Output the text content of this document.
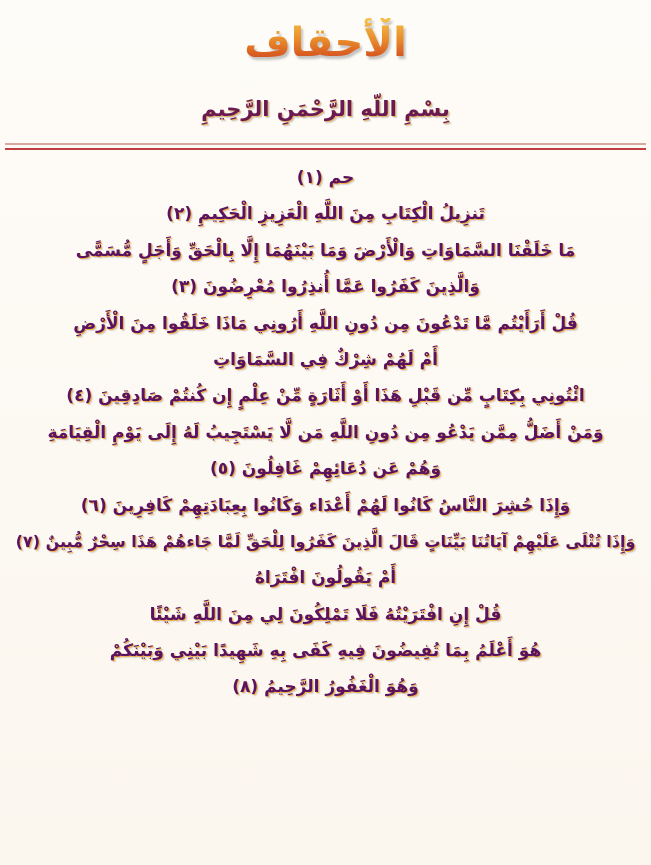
الْأحقاف
بِسْمِ اللّهِ الرَّحْمَنِ الرَّحِيمِ
حم (١)
تَنزِيلُ الْكِتَابِ مِنَ اللَّهِ الْعَزِيزِ الْحَكِيمِ (٢)
مَا خَلَقْنَا السَّمَاوَاتِ وَالْأَرْضَ وَمَا بَيْنَهُمَا إِلَّا بِالْحَقِّ وَأَجَلٍ مُّسَمًّى
وَالَّذِينَ كَفَرُوا عَمَّا أُنذِرُوا مُعْرِضُونَ (٣)
قُلْ أَرَأَيْتُم مَّا تَدْعُونَ مِن دُونِ اللَّهِ أَرُونِي مَاذَا خَلَقُوا مِنَ الْأَرْضِ
أَمْ لَهُمْ شِرْكٌ فِي السَّمَاوَاتِ
ائْتُونِي بِكِتَابٍ مِّن قَبْلِ هَذَا أَوْ أَثَارَةٍ مِّنْ عِلْمٍ إِن كُنتُمْ صَادِقِينَ (٤)
وَمَنْ أَضَلُّ مِمَّن يَدْعُو مِن دُونِ اللَّهِ مَن لَّا يَسْتَجِيبُ لَهُ إِلَى يَوْمِ الْقِيَامَةِ
وَهُمْ عَن دُعَائِهِمْ غَافِلُونَ (٥)
وَإِذَا حُشِرَ النَّاسُ كَانُوا لَهُمْ أَعْدَاء وَكَانُوا بِعِبَادَتِهِمْ كَافِرِينَ (٦)
وَإِذَا تُتْلَى عَلَيْهِمْ آيَاتُنَا بَيِّنَاتٍ قَالَ الَّذِينَ كَفَرُوا لِلْحَقِّ لَمَّا جَاءهُمْ هَذَا سِحْرٌ مُّبِينٌ (٧)
أَمْ يَقُولُونَ افْتَرَاهُ
قُلْ إِنِ افْتَرَيْتُهُ فَلَا تَمْلِكُونَ لِي مِنَ اللَّهِ شَيْئًا
هُوَ أَعْلَمُ بِمَا تُفِيضُونَ فِيهِ كَفَى بِهِ شَهِيدًا بَيْنِي وَبَيْنَكُمْ
وَهُوَ الْغَفُورُ الرَّحِيمُ (٨)
